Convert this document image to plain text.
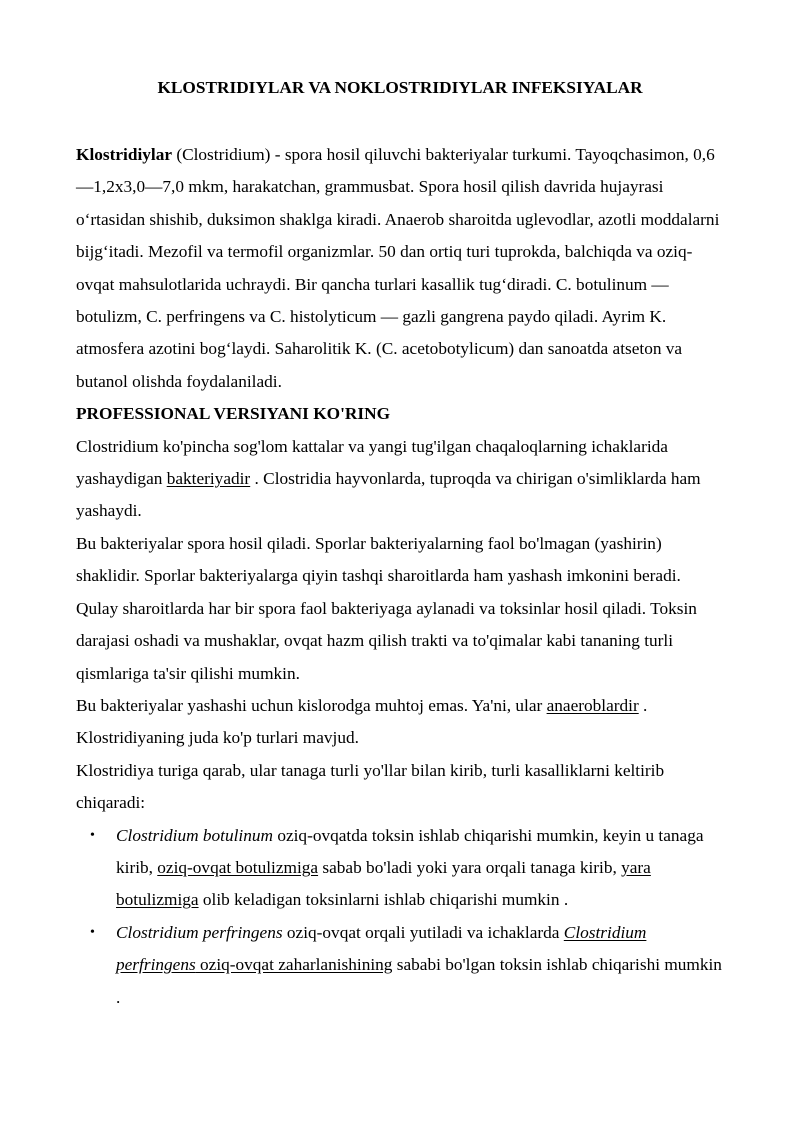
KLOSTRIDIYLAR VA NOKLOSTRIDIYLAR INFEKSIYALAR

Klostridiylar (Clostridium) - spora hosil qiluvchi bakteriyalar turkumi. Tayoqchasimon, 0,6—1,2x3,0—7,0 mkm, harakatchan, grammusbat. Spora hosil qilish davrida hujayrasi oʻrtasidan shishib, duksimon shaklga kiradi. Anaerob sharoitda uglevodlar, azotli moddalarni bijgʻitadi. Mezofil va termofil organizmlar. 50 dan ortiq turi tuprokda, balchiqda va oziq-ovqat mahsulotlarida uchraydi. Bir qancha turlari kasallik tugʻdiradi. C. botulinum — botulizm, C. perfringens va C. histolyticum — gazli gangrena paydo qiladi. Ayrim K. atmosfera azotini bogʻlaydi. Saharolitik K. (C. acetobotylicum) dan sanoatda atseton va butanol olishda foydalaniladi.

PROFESSIONAL VERSIYANI KO'RING

Clostridium ko'pincha sog'lom kattalar va yangi tug'ilgan chaqaloqlarning ichaklarida yashaydigan bakteriyadir . Clostridia hayvonlarda, tuproqda va chirigan o'simliklarda ham yashaydi.

Bu bakteriyalar spora hosil qiladi. Sporlar bakteriyalarning faol bo'lmagan (yashirin) shaklidir. Sporlar bakteriyalarga qiyin tashqi sharoitlarda ham yashash imkonini beradi. Qulay sharoitlarda har bir spora faol bakteriyaga aylanadi va toksinlar hosil qiladi. Toksin darajasi oshadi va mushaklar, ovqat hazm qilish trakti va to'qimalar kabi tananing turli qismlariga ta'sir qilishi mumkin.

Bu bakteriyalar yashashi uchun kislorodga muhtoj emas. Ya'ni, ular anaeroblardir . Klostridiyaning juda ko'p turlari mavjud.

Klostridiya turiga qarab, ular tanaga turli yo'llar bilan kirib, turli kasalliklarni keltirib chiqaradi:

• Clostridium botulinum oziq-ovqatda toksin ishlab chiqarishi mumkin, keyin u tanaga kirib, oziq-ovqat botulizmiga sabab bo'ladi yoki yara orqali tanaga kirib, yara botulizmiga olib keladigan toksinlarni ishlab chiqarishi mumkin .
• Clostridium perfringens oziq-ovqat orqali yutiladi va ichaklarda Clostridium perfringens oziq-ovqat zaharlanishining sababi bo'lgan toksin ishlab chiqarishi mumkin .
